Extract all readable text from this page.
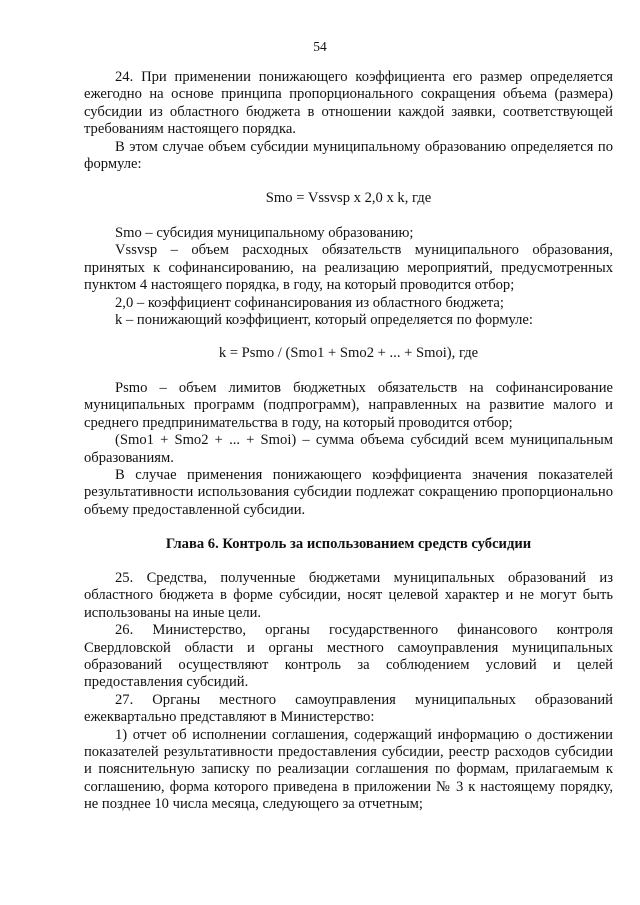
54

24. При применении понижающего коэффициента его размер определяется ежегодно на основе принципа пропорционального сокращения объема (размера) субсидии из областного бюджета в отношении каждой заявки, соответствующей требованиям настоящего порядка.

В этом случае объем субсидии муниципальному образованию определяется по формуле:

Smo = Vssvsp x 2,0 x k, где

Smo – субсидия муниципальному образованию;

Vssvsp – объем расходных обязательств муниципального образования, принятых к софинансированию, на реализацию мероприятий, предусмотренных пунктом 4 настоящего порядка, в году, на который проводится отбор;

2,0 – коэффициент софинансирования из областного бюджета;

k – понижающий коэффициент, который определяется по формуле:

k = Psmo / (Smo1 + Smo2 + ... + Smoi), где

Psmo – объем лимитов бюджетных обязательств на софинансирование муниципальных программ (подпрограмм), направленных на развитие малого и среднего предпринимательства в году, на который проводится отбор;

(Smo1 + Smo2 + ... + Smoi) – сумма объема субсидий всем муниципальным образованиям.

В случае применения понижающего коэффициента значения показателей результативности использования субсидии подлежат сокращению пропорционально объему предоставленной субсидии.

Глава 6. Контроль за использованием средств субсидии

25. Средства, полученные бюджетами муниципальных образований из областного бюджета в форме субсидии, носят целевой характер и не могут быть использованы на иные цели.

26. Министерство, органы государственного финансового контроля Свердловской области и органы местного самоуправления муниципальных образований осуществляют контроль за соблюдением условий и целей предоставления субсидий.

27. Органы местного самоуправления муниципальных образований ежеквартально представляют в Министерство:

1) отчет об исполнении соглашения, содержащий информацию о достижении показателей результативности предоставления субсидии, реестр расходов субсидии и пояснительную записку по реализации соглашения по формам, прилагаемым к соглашению, форма которого приведена в приложении № 3 к настоящему порядку, не позднее 10 числа месяца, следующего за отчетным;
